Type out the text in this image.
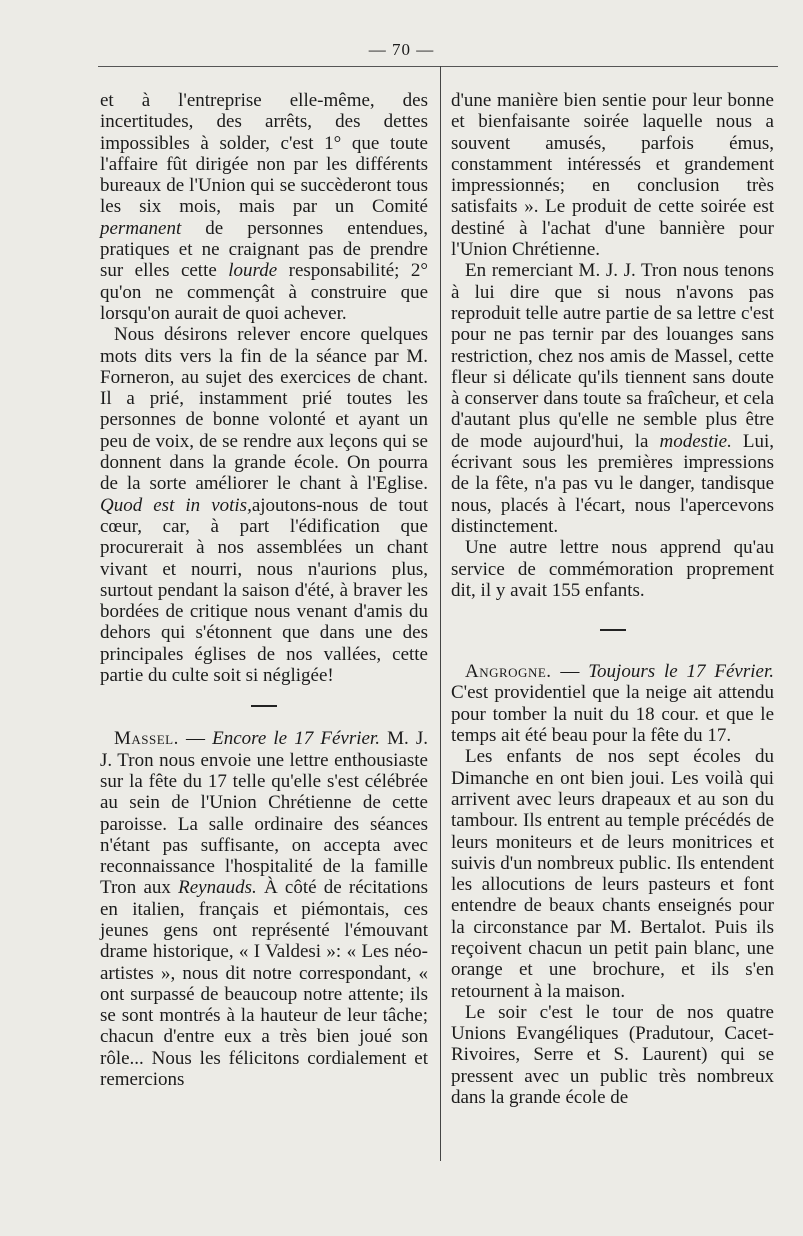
— 70 —

et à l'entreprise elle-même, des incertitudes, des arrêts, des dettes impossibles à solder, c'est 1° que toute l'affaire fût dirigée non par les différents bureaux de l'Union qui se succèderont tous les six mois, mais par un Comité permanent de personnes entendues, pratiques et ne craignant pas de prendre sur elles cette lourde responsabilité; 2° qu'on ne commençât à construire que lorsqu'on aurait de quoi achever.

Nous désirons relever encore quelques mots dits vers la fin de la séance par M. Forneron, au sujet des exercices de chant. Il a prié, instamment prié toutes les personnes de bonne volonté et ayant un peu de voix, de se rendre aux leçons qui se donnent dans la grande école. On pourra de la sorte améliorer le chant à l'Eglise. Quod est in votis,ajoutons-nous de tout cœur, car, à part l'édification que procurerait à nos assemblées un chant vivant et nourri, nous n'aurions plus, surtout pendant la saison d'été, à braver les bordées de critique nous venant d'amis du dehors qui s'étonnent que dans une des principales églises de nos vallées, cette partie du culte soit si négligée!

Massel. — Encore le 17 Février. M. J. J. Tron nous envoie une lettre enthousiaste sur la fête du 17 telle qu'elle s'est célébrée au sein de l'Union Chrétienne de cette paroisse. La salle ordinaire des séances n'étant pas suffisante, on accepta avec reconnaissance l'hospitalité de la famille Tron aux Reynauds. À côté de récitations en italien, français et piémontais, ces jeunes gens ont représenté l'émouvant drame historique, « I Valdesi »: « Les néo-artistes », nous dit notre correspondant, « ont surpassé de beaucoup notre attente; ils se sont montrés à la hauteur de leur tâche; chacun d'entre eux a très bien joué son rôle... Nous les félicitons cordialement et remercions

d'une manière bien sentie pour leur bonne et bienfaisante soirée laquelle nous a souvent amusés, parfois émus, constamment intéressés et grandement impressionnés; en conclusion très satisfaits ». Le produit de cette soirée est destiné à l'achat d'une bannière pour l'Union Chrétienne.

En remerciant M. J. J. Tron nous tenons à lui dire que si nous n'avons pas reproduit telle autre partie de sa lettre c'est pour ne pas ternir par des louanges sans restriction, chez nos amis de Massel, cette fleur si délicate qu'ils tiennent sans doute à conserver dans toute sa fraîcheur, et cela d'autant plus qu'elle ne semble plus être de mode aujourd'hui, la modestie. Lui, écrivant sous les premières impressions de la fête, n'a pas vu le danger, tandisque nous, placés à l'écart, nous l'apercevons distinctement.

Une autre lettre nous apprend qu'au service de commémoration proprement dit, il y avait 155 enfants.

Angrogne. — Toujours le 17 Février. C'est providentiel que la neige ait attendu pour tomber la nuit du 18 cour. et que le temps ait été beau pour la fête du 17.

Les enfants de nos sept écoles du Dimanche en ont bien joui. Les voilà qui arrivent avec leurs drapeaux et au son du tambour. Ils entrent au temple précédés de leurs moniteurs et de leurs monitrices et suivis d'un nombreux public. Ils entendent les allocutions de leurs pasteurs et font entendre de beaux chants enseignés pour la circonstance par M. Bertalot. Puis ils reçoivent chacun un petit pain blanc, une orange et une brochure, et ils s'en retournent à la maison.

Le soir c'est le tour de nos quatre Unions Evangéliques (Pradutour, Cacet-Rivoires, Serre et S. Laurent) qui se pressent avec un public très nombreux dans la grande école de
